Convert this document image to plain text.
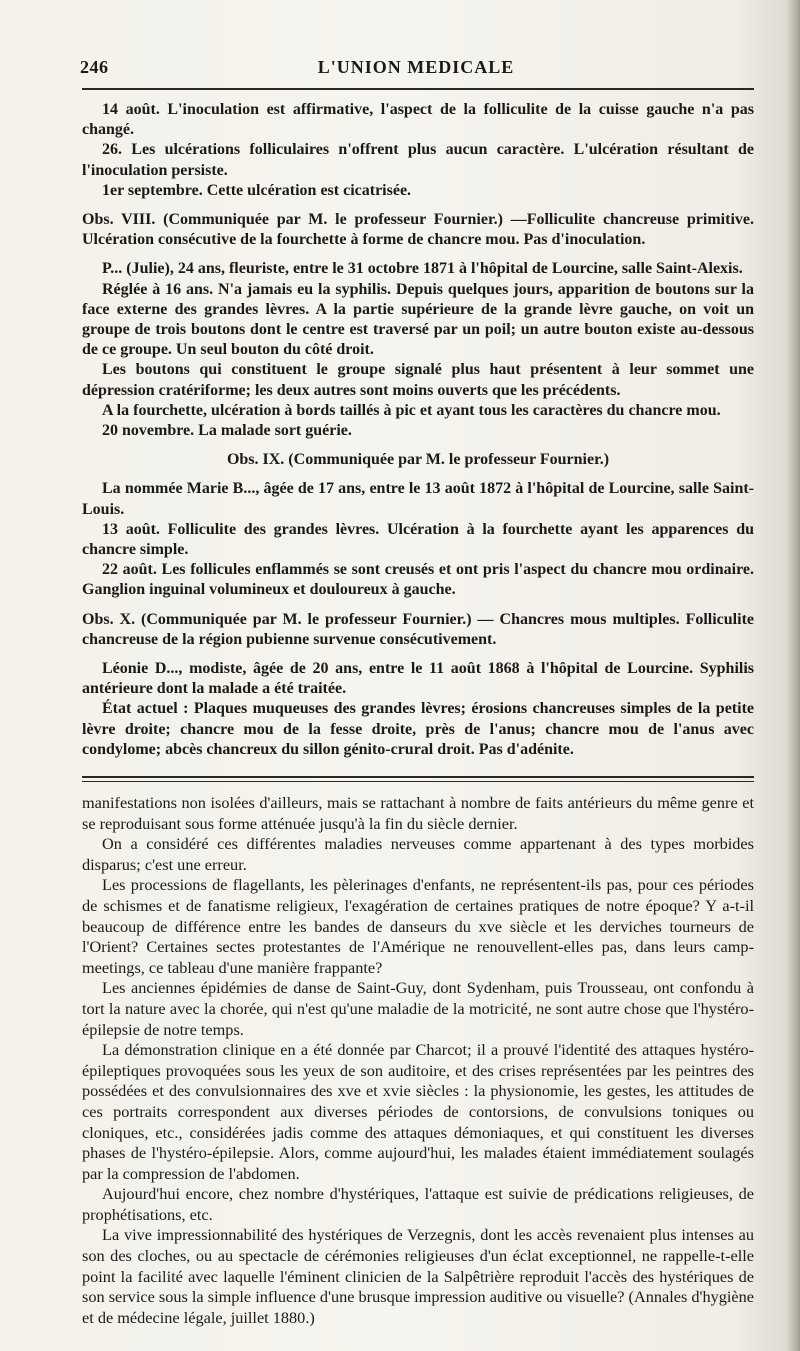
246	L'UNION MEDICALE

14 août. L'inoculation est affirmative, l'aspect de la folliculite de la cuisse gauche n'a pas changé.

26. Les ulcérations folliculaires n'offrent plus aucun caractère. L'ulcération résultant de l'inoculation persiste.

1er septembre. Cette ulcération est cicatrisée.

Obs. VIII. (Communiquée par M. le professeur Fournier.) —Folliculite chancreuse primitive. Ulcération consécutive de la fourchette à forme de chancre mou. Pas d'inoculation.

P... (Julie), 24 ans, fleuriste, entre le 31 octobre 1871 à l'hôpital de Lourcine, salle Saint-Alexis.

Réglée à 16 ans. N'a jamais eu la syphilis. Depuis quelques jours, apparition de boutons sur la face externe des grandes lèvres. A la partie supérieure de la grande lèvre gauche, on voit un groupe de trois boutons dont le centre est traversé par un poil; un autre bouton existe au-dessous de ce groupe. Un seul bouton du côté droit.

Les boutons qui constituent le groupe signalé plus haut présentent à leur sommet une dépression cratériforme; les deux autres sont moins ouverts que les précédents.

A la fourchette, ulcération à bords taillés à pic et ayant tous les caractères du chancre mou.

20 novembre. La malade sort guérie.

Obs. IX. (Communiquée par M. le professeur Fournier.)

La nommée Marie B..., âgée de 17 ans, entre le 13 août 1872 à l'hôpital de Lourcine, salle Saint-Louis.

13 août. Folliculite des grandes lèvres. Ulcération à la fourchette ayant les apparences du chancre simple.

22 août. Les follicules enflammés se sont creusés et ont pris l'aspect du chancre mou ordinaire. Ganglion inguinal volumineux et douloureux à gauche.

Obs. X. (Communiquée par M. le professeur Fournier.) — Chancres mous multiples. Folliculite chancreuse de la région pubienne survenue consécutivement.

Léonie D..., modiste, âgée de 20 ans, entre le 11 août 1868 à l'hôpital de Lourcine. Syphilis antérieure dont la malade a été traitée.

État actuel : Plaques muqueuses des grandes lèvres; érosions chancreuses simples de la petite lèvre droite; chancre mou de la fesse droite, près de l'anus; chancre mou de l'anus avec condylome; abcès chancreux du sillon génito-crural droit. Pas d'adénite.

manifestations non isolées d'ailleurs, mais se rattachant à nombre de faits antérieurs du même genre et se reproduisant sous forme atténuée jusqu'à la fin du siècle dernier.

On a considéré ces différentes maladies nerveuses comme appartenant à des types morbides disparus; c'est une erreur.

Les processions de flagellants, les pèlerinages d'enfants, ne représentent-ils pas, pour ces périodes de schismes et de fanatisme religieux, l'exagération de certaines pratiques de notre époque? Y a-t-il beaucoup de différence entre les bandes de danseurs du xve siècle et les derviches tourneurs de l'Orient? Certaines sectes protestantes de l'Amérique ne renouvellent-elles pas, dans leurs camp-meetings, ce tableau d'une manière frappante?

Les anciennes épidémies de danse de Saint-Guy, dont Sydenham, puis Trousseau, ont confondu à tort la nature avec la chorée, qui n'est qu'une maladie de la motricité, ne sont autre chose que l'hystéro-épilepsie de notre temps.

La démonstration clinique en a été donnée par Charcot; il a prouvé l'identité des attaques hystéro-épileptiques provoquées sous les yeux de son auditoire, et des crises représentées par les peintres des possédées et des convulsionnaires des xve et xvie siècles : la physionomie, les gestes, les attitudes de ces portraits correspondent aux diverses périodes de contorsions, de convulsions toniques ou cloniques, etc., considérées jadis comme des attaques démoniaques, et qui constituent les diverses phases de l'hystéro-épilepsie. Alors, comme aujourd'hui, les malades étaient immédiatement soulagés par la compression de l'abdomen.

Aujourd'hui encore, chez nombre d'hystériques, l'attaque est suivie de prédications religieuses, de prophétisations, etc.

La vive impressionnabilité des hystériques de Verzegnis, dont les accès revenaient plus intenses au son des cloches, ou au spectacle de cérémonies religieuses d'un éclat exceptionnel, ne rappelle-t-elle point la facilité avec laquelle l'éminent clinicien de la Salpêtrière reproduit l'accès des hystériques de son service sous la simple influence d'une brusque impression auditive ou visuelle? (Annales d'hygiène et de médecine légale, juillet 1880.)
